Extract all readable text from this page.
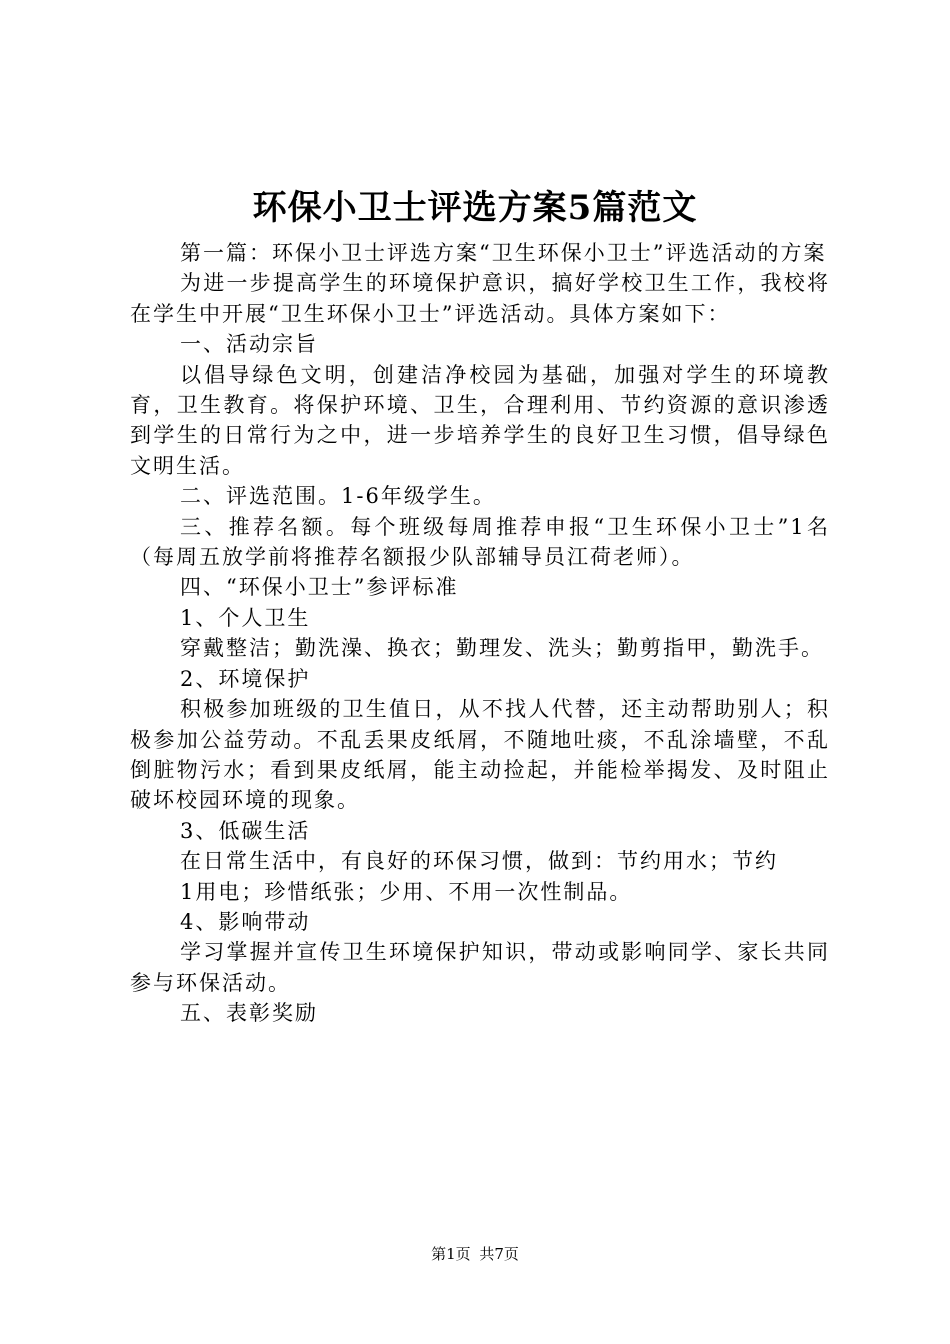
环保小卫士评选方案5篇范文

第一篇：环保小卫士评选方案“卫生环保小卫士”评选活动的方案

为进一步提高学生的环境保护意识，搞好学校卫生工作，我校将在学生中开展“卫生环保小卫士”评选活动。具体方案如下：

一、活动宗旨

以倡导绿色文明，创建洁净校园为基础，加强对学生的环境教育，卫生教育。将保护环境、卫生，合理利用、节约资源的意识渗透到学生的日常行为之中，进一步培养学生的良好卫生习惯，倡导绿色文明生活。

二、评选范围。1-6年级学生。

三、推荐名额。每个班级每周推荐申报“卫生环保小卫士”1名（每周五放学前将推荐名额报少队部辅导员江荷老师）。

四、“环保小卫士”参评标准

1、个人卫生

穿戴整洁；勤洗澡、换衣；勤理发、洗头；勤剪指甲，勤洗手。

2、环境保护

积极参加班级的卫生值日，从不找人代替，还主动帮助别人；积极参加公益劳动。不乱丢果皮纸屑，不随地吐痰，不乱涂墙壁，不乱倒脏物污水；看到果皮纸屑，能主动捡起，并能检举揭发、及时阻止破坏校园环境的现象。

3、低碳生活

在日常生活中，有良好的环保习惯，做到：节约用水；节约

1用电；珍惜纸张；少用、不用一次性制品。

4、影响带动

学习掌握并宣传卫生环境保护知识，带动或影响同学、家长共同参与环保活动。

五、表彰奖励

第1页 共7页
